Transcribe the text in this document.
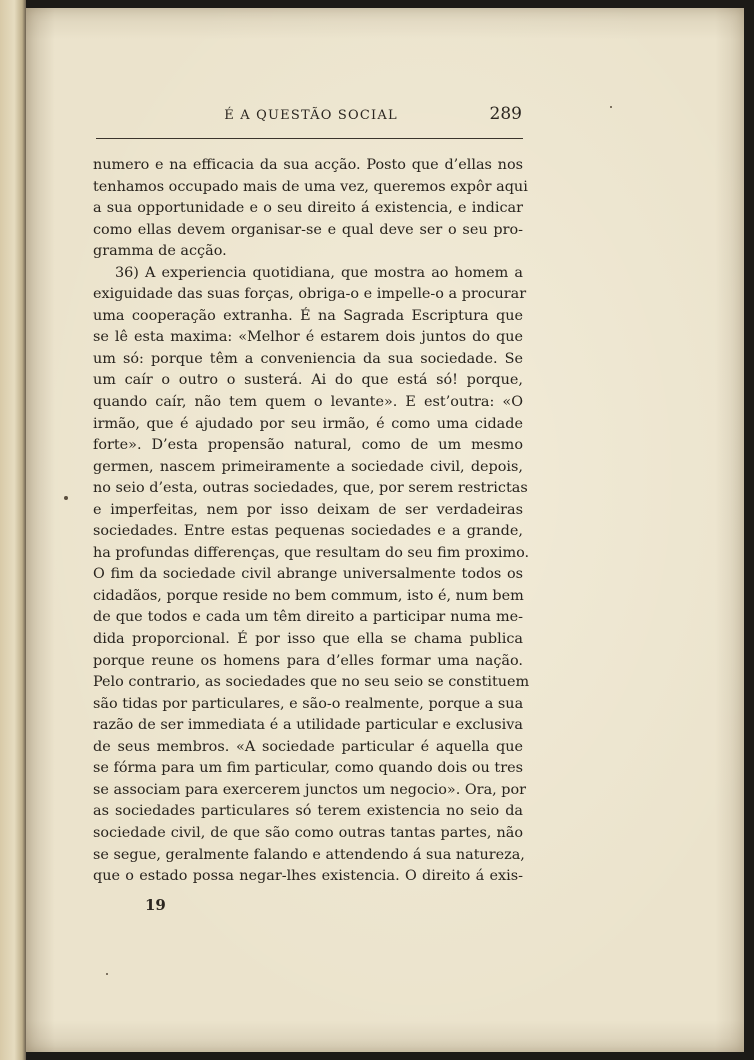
É A QUESTÃO SOCIAL	289
numero e na efficacia da sua acção. Posto que d’ellas nos
tenhamos occupado mais de uma vez, queremos expôr aqui
a sua opportunidade e o seu direito á existencia, e indicar
como ellas devem organisar-se e qual deve ser o seu pro-
gramma de acção.
36) A experiencia quotidiana, que mostra ao homem a
exiguidade das suas forças, obriga-o e impelle-o a procurar
uma cooperação extranha. É na Sagrada Escriptura que
se lê esta maxima: «Melhor é estarem dois juntos do que
um só: porque têm a conveniencia da sua sociedade. Se
um caír o outro o susterá. Ai do que está só! porque,
quando caír, não tem quem o levante». E est’outra: «O
irmão, que é ajudado por seu irmão, é como uma cidade
forte». D’esta propensão natural, como de um mesmo
germen, nascem primeiramente a sociedade civil, depois,
no seio d’esta, outras sociedades, que, por serem restrictas
e imperfeitas, nem por isso deixam de ser verdadeiras
sociedades. Entre estas pequenas sociedades e a grande,
ha profundas differenças, que resultam do seu fim proximo.
O fim da sociedade civil abrange universalmente todos os
cidadãos, porque reside no bem commum, isto é, num bem
de que todos e cada um têm direito a participar numa me-
dida proporcional. É por isso que ella se chama publica
porque reune os homens para d’elles formar uma nação.
Pelo contrario, as sociedades que no seu seio se constituem
são tidas por particulares, e são-o realmente, porque a sua
razão de ser immediata é a utilidade particular e exclusiva
de seus membros. «A sociedade particular é aquella que
se fórma para um fim particular, como quando dois ou tres
se associam para exercerem junctos um negocio». Ora, por
as sociedades particulares só terem existencia no seio da
sociedade civil, de que são como outras tantas partes, não
se segue, geralmente falando e attendendo á sua natureza,
que o estado possa negar-lhes existencia. O direito á exis-
19
